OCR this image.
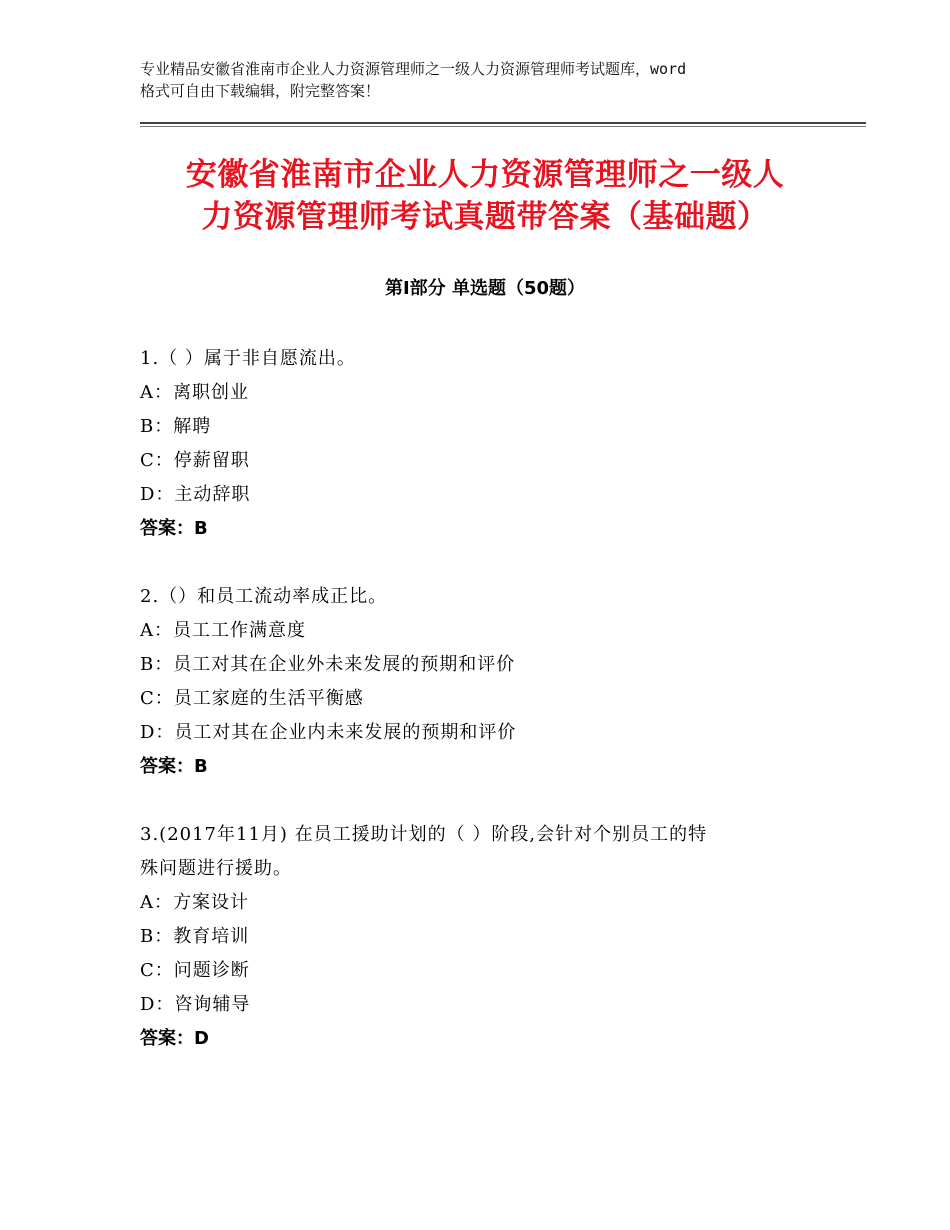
专业精品安徽省淮南市企业人力资源管理师之一级人力资源管理师考试题库，word
格式可自由下载编辑，附完整答案！
安徽省淮南市企业人力资源管理师之一级人
力资源管理师考试真题带答案（基础题）
第Ⅰ部分 单选题（50题）
1.（ ）属于非自愿流出。
A：离职创业
B：解聘
C：停薪留职
D：主动辞职
答案：B
2.（）和员工流动率成正比。
A：员工工作满意度
B：员工对其在企业外未来发展的预期和评价
C：员工家庭的生活平衡感
D：员工对其在企业内未来发展的预期和评价
答案：B
3.(2017年11月) 在员工援助计划的（ ）阶段,会针对个别员工的特
殊问题进行援助。
A：方案设计
B：教育培训
C：问题诊断
D：咨询辅导
答案：D
